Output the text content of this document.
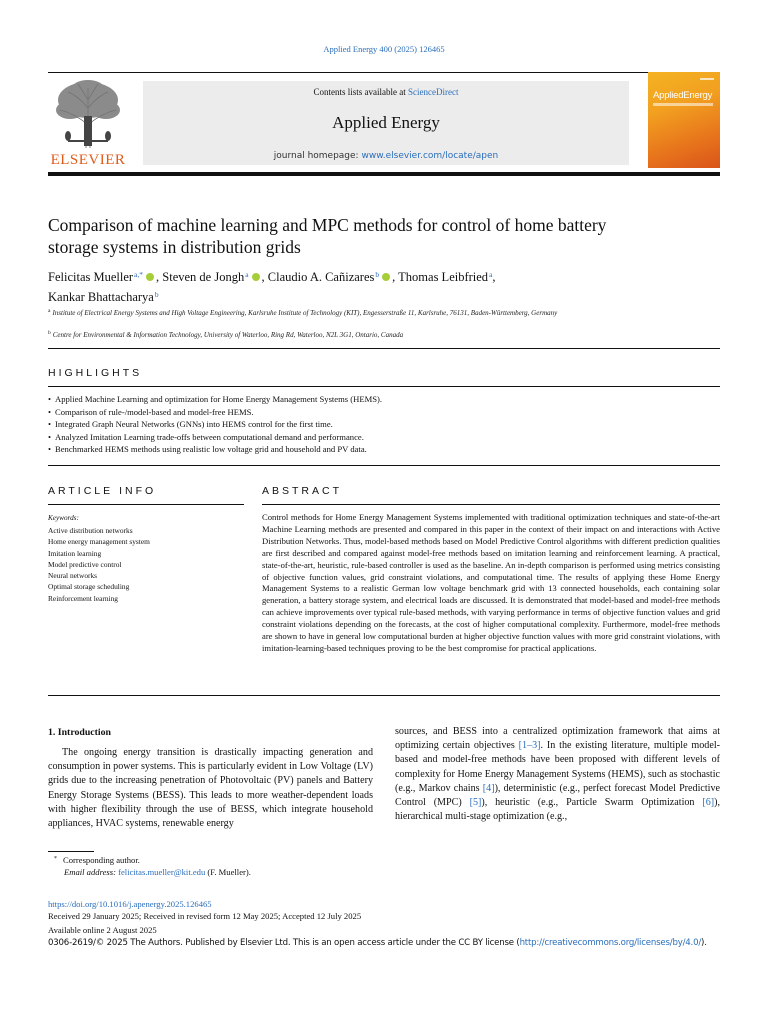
Applied Energy 400 (2025) 126465
ELSEVIER
Contents lists available at ScienceDirect
Applied Energy
journal homepage: www.elsevier.com/locate/apen
AppliedEnergy
Comparison of machine learning and MPC methods for control of home battery storage systems in distribution grids
Felicitas Mueller$^{a,*}$ , Steven de Jongh$^a$ , Claudio A. Cañizares$^b$ , Thomas Leibfried$^a$,
Kankar Bhattacharya$^b$
$^a$ Institute of Electrical Energy Systems and High Voltage Engineering, Karlsruhe Institute of Technology (KIT), Engesserstraße 11, Karlsruhe, 76131, Baden-Württemberg, Germany
$^b$ Centre for Environmental & Information Technology, University of Waterloo, Ring Rd, Waterloo, N2L 3G1, Ontario, Canada
HIGHLIGHTS
• Applied Machine Learning and optimization for Home Energy Management Systems (HEMS).
• Comparison of rule-/model-based and model-free HEMS.
• Integrated Graph Neural Networks (GNNs) into HEMS control for the first time.
• Analyzed Imitation Learning trade-offs between computational demand and performance.
• Benchmarked HEMS methods using realistic low voltage grid and household and PV data.
ARTICLE INFO	ABSTRACT
Keywords:
Active distribution networks
Home energy management system
Imitation learning
Model predictive control
Neural networks
Optimal storage scheduling
Reinforcement learning

Control methods for Home Energy Management Systems implemented with traditional optimization techniques and state-of-the-art Machine Learning methods are presented and compared in this paper in the context of their impact on and interactions with Active Distribution Networks. Thus, model-based methods based on Model Predictive Control algorithms with different prediction qualities are first described and compared against model-free methods based on imitation learning and reinforcement learning. A practical, state-of-the-art, heuristic, rule-based controller is used as the baseline. An in-depth comparison is performed using metrics consisting of objective function values, grid constraint violations, and computational time. The results of applying these Home Energy Management Systems to a realistic German low voltage benchmark grid with 13 connected households, each containing solar generation, a battery storage system, and electrical loads are discussed. It is demonstrated that model-based and model-free methods can achieve improvements over typical rule-based methods, with varying performance in terms of objective function values and grid constraint violations depending on the forecasts, at the cost of higher computational complexity. Furthermore, model-free methods are shown to have in general low computational burden at higher objective function values with more grid constraint violations, with imitation-learning-based techniques proving to be the best compromise for practical applications.

1. Introduction
The ongoing energy transition is drastically impacting generation and consumption in power systems. This is particularly evident in Low Voltage (LV) grids due to the increasing penetration of Photovoltaic (PV) panels and Battery Energy Storage Systems (BESS). This leads to more weather-dependent loads with higher flexibility through the use of BESS, which integrate household appliances, HVAC systems, renewable energy
sources, and BESS into a centralized optimization framework that aims at optimizing certain objectives [1–3]. In the existing literature, multiple model-based and model-free methods have been proposed with different levels of complexity for Home Energy Management Systems (HEMS), such as stochastic (e.g., Markov chains [4]), deterministic (e.g., perfect forecast Model Predictive Control (MPC) [5]), heuristic (e.g., Particle Swarm Optimization [6]), hierarchical multi-stage optimization (e.g.,
* Corresponding author.
Email address: felicitas.mueller@kit.edu (F. Mueller).
https://doi.org/10.1016/j.apenergy.2025.126465
Received 29 January 2025; Received in revised form 12 May 2025; Accepted 12 July 2025
Available online 2 August 2025
0306-2619/© 2025 The Authors. Published by Elsevier Ltd. This is an open access article under the CC BY license (http://creativecommons.org/licenses/by/4.0/).
